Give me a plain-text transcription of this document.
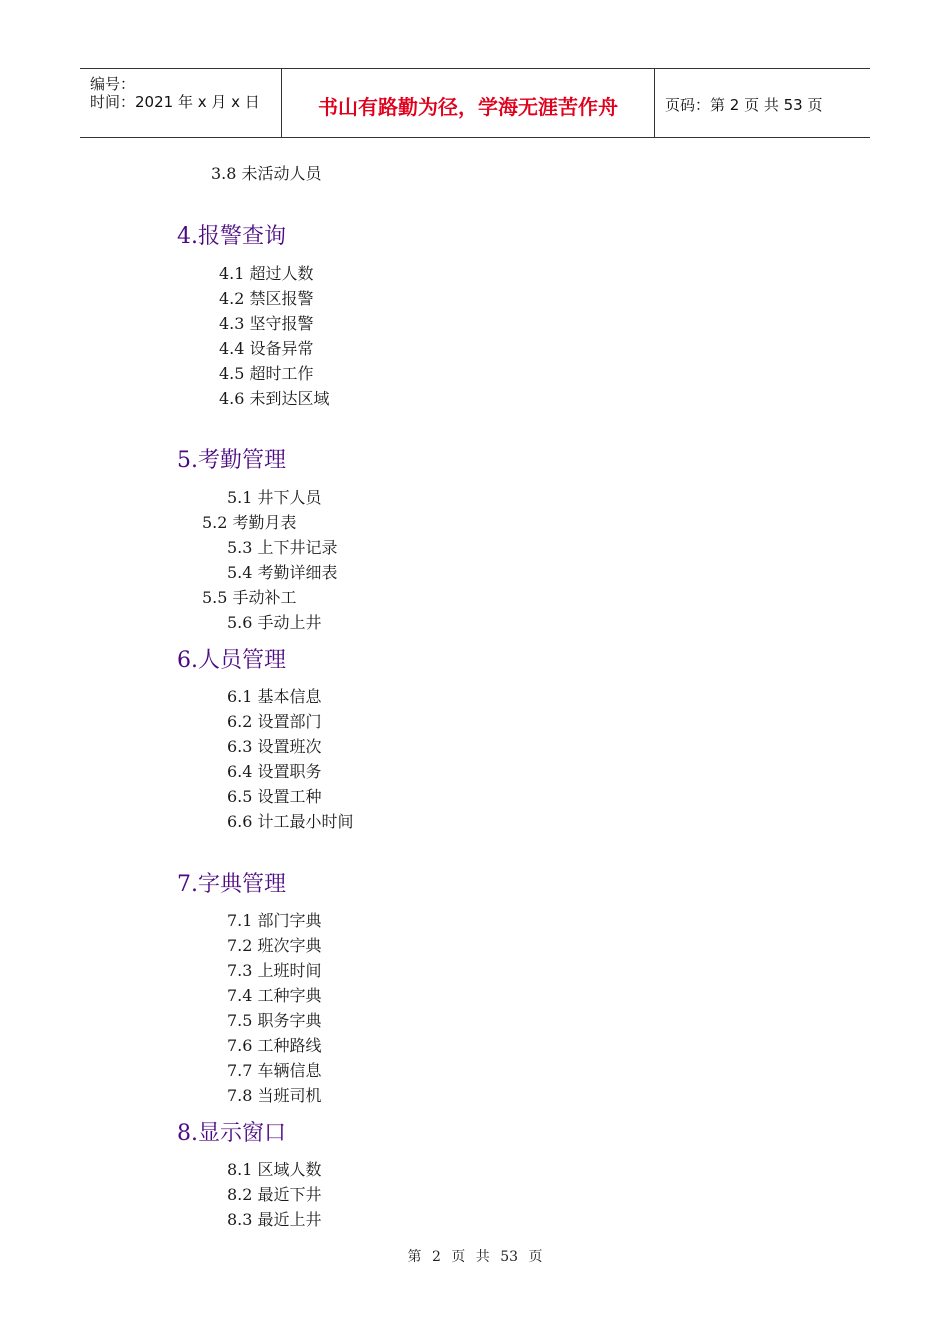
编号：
时间：2021 年 x 月 x 日	书山有路勤为径，学海无涯苦作舟	页码：第 2 页 共 53 页
3.8 未活动人员
4.报警查询
4.1 超过人数
4.2 禁区报警
4.3 坚守报警
4.4 设备异常
4.5 超时工作
4.6 未到达区域
5.考勤管理
5.1 井下人员
5.2 考勤月表
5.3 上下井记录
5.4 考勤详细表
5.5 手动补工
5.6 手动上井
6.人员管理
6.1 基本信息
6.2 设置部门
6.3 设置班次
6.4 设置职务
6.5 设置工种
6.6 计工最小时间
7.字典管理
7.1 部门字典
7.2 班次字典
7.3 上班时间
7.4 工种字典
7.5 职务字典
7.6 工种路线
7.7 车辆信息
7.8 当班司机
8.显示窗口
8.1 区域人数
8.2 最近下井
8.3 最近上井
第 2 页 共 53 页
